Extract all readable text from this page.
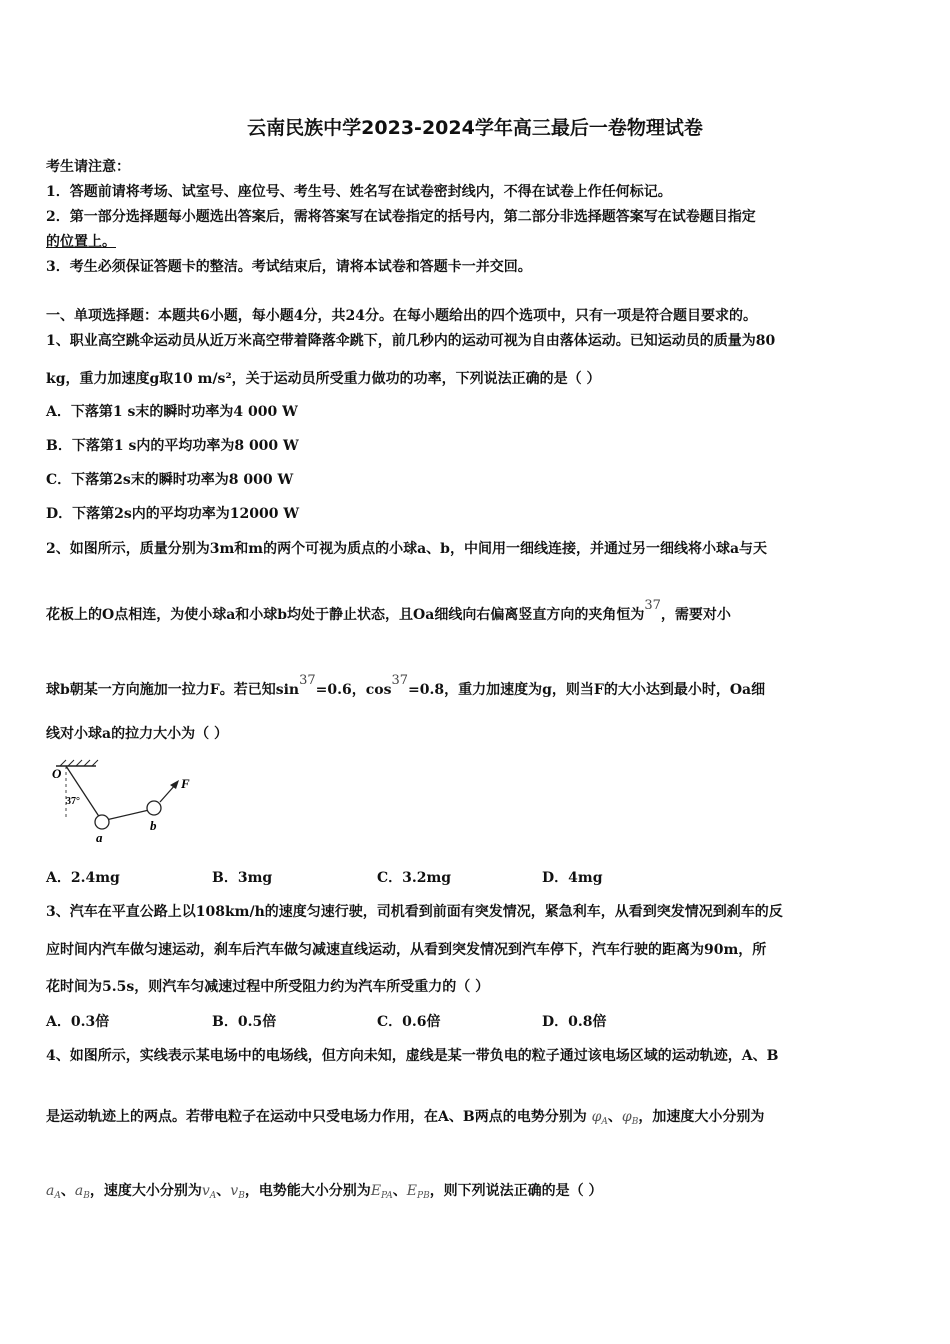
云南民族中学2023-2024学年高三最后一卷物理试卷
考生请注意：
1．答题前请将考场、试室号、座位号、考生号、姓名写在试卷密封线内，不得在试卷上作任何标记。
2．第一部分选择题每小题选出答案后，需将答案写在试卷指定的括号内，第二部分非选择题答案写在试卷题目指定
的位置上。
3．考生必须保证答题卡的整洁。考试结束后，请将本试卷和答题卡一并交回。
一、单项选择题：本题共6小题，每小题4分，共24分。在每小题给出的四个选项中，只有一项是符合题目要求的。
1、职业高空跳伞运动员从近万米高空带着降落伞跳下，前几秒内的运动可视为自由落体运动。已知运动员的质量为80
kg，重力加速度g取10 m/s²，关于运动员所受重力做功的功率，下列说法正确的是（ ）
A．下落第1 s末的瞬时功率为4 000 W
B．下落第1 s内的平均功率为8 000 W
C．下落第2s末的瞬时功率为8 000 W
D．下落第2s内的平均功率为12000 W
2、如图所示，质量分别为3m和m的两个可视为质点的小球a、b，中间用一细线连接，并通过另一细线将小球a与天
花板上的O点相连，为使小球a和小球b均处于静止状态，且Oa细线向右偏离竖直方向的夹角恒为37，需要对小
球b朝某一方向施加一拉力F。若已知sin37=0.6，cos37=0.8，重力加速度为g，则当F的大小达到最小时，Oa细
线对小球a的拉力大小为（ ）
O
37°
a
b
F
A．2.4mg	B．3mg	C．3.2mg	D．4mg
3、汽车在平直公路上以108km/h的速度匀速行驶，司机看到前面有突发情况，紧急利车，从看到突发情况到刹车的反
应时间内汽车做匀速运动，刹车后汽车做匀减速直线运动，从看到突发情况到汽车停下，汽车行驶的距离为90m，所
花时间为5.5s，则汽车匀减速过程中所受阻力约为汽车所受重力的（ ）
A．0.3倍	B．0.5倍	C．0.6倍	D．0.8倍
4、如图所示，实线表示某电场中的电场线，但方向未知，虚线是某一带负电的粒子通过该电场区域的运动轨迹，A、B
是运动轨迹上的两点。若带电粒子在运动中只受电场力作用，在A、B两点的电势分别为 $\varphi_A$、$\varphi_B$，加速度大小分别为
$a_A$、$a_B$，速度大小分别为$v_A$、$v_B$，电势能大小分别为$E_{PA}$、$E_{PB}$，则下列说法正确的是（ ）
